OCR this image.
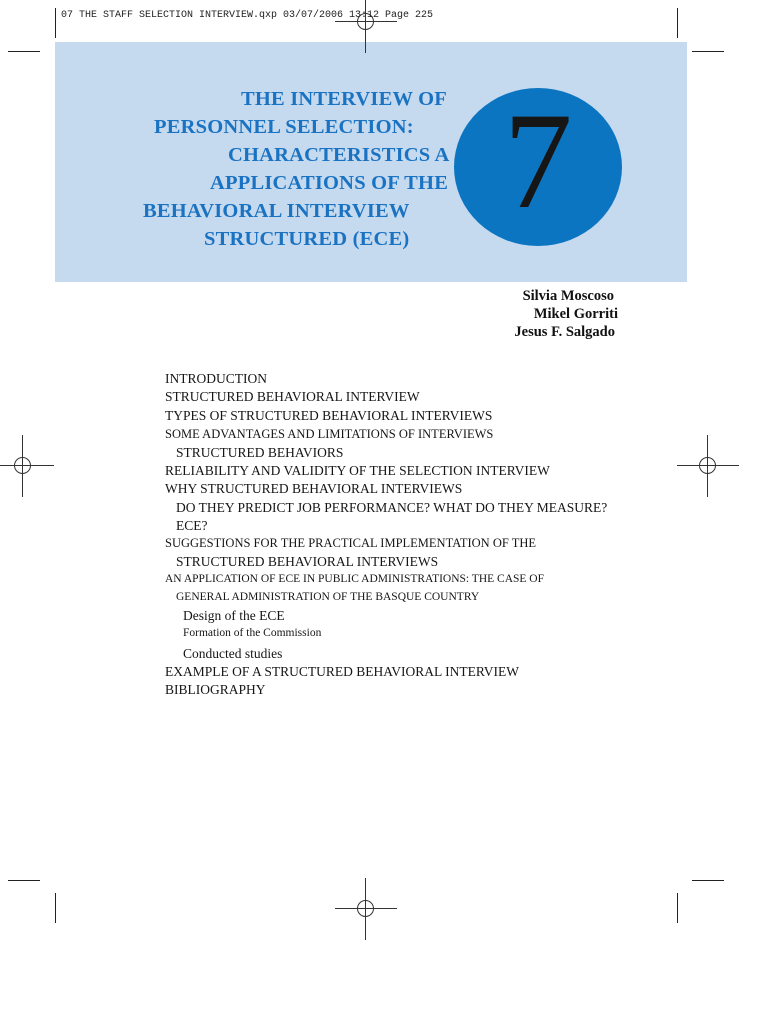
07 THE STAFF SELECTION INTERVIEW.qxp 03/07/2006 13:12 Page 225
THE INTERVIEW OF
PERSONNEL SELECTION:
CHARACTERISTICS A
APPLICATIONS OF THE
BEHAVIORAL INTERVIEW
STRUCTURED (ECE)
7
Silvia Moscoso
Mikel Gorriti
Jesus F. Salgado
INTRODUCTION
STRUCTURED BEHAVIORAL INTERVIEW
TYPES OF STRUCTURED BEHAVIORAL INTERVIEWS
SOME ADVANTAGES AND LIMITATIONS OF INTERVIEWS
STRUCTURED BEHAVIORS
RELIABILITY AND VALIDITY OF THE SELECTION INTERVIEW
WHY STRUCTURED BEHAVIORAL INTERVIEWS
DO THEY PREDICT JOB PERFORMANCE? WHAT DO THEY MEASURE?
ECE?
SUGGESTIONS FOR THE PRACTICAL IMPLEMENTATION OF THE
STRUCTURED BEHAVIORAL INTERVIEWS
AN APPLICATION OF ECE IN PUBLIC ADMINISTRATIONS: THE CASE OF
GENERAL ADMINISTRATION OF THE BASQUE COUNTRY
Design of the ECE
Formation of the Commission
Conducted studies
EXAMPLE OF A STRUCTURED BEHAVIORAL INTERVIEW
BIBLIOGRAPHY
